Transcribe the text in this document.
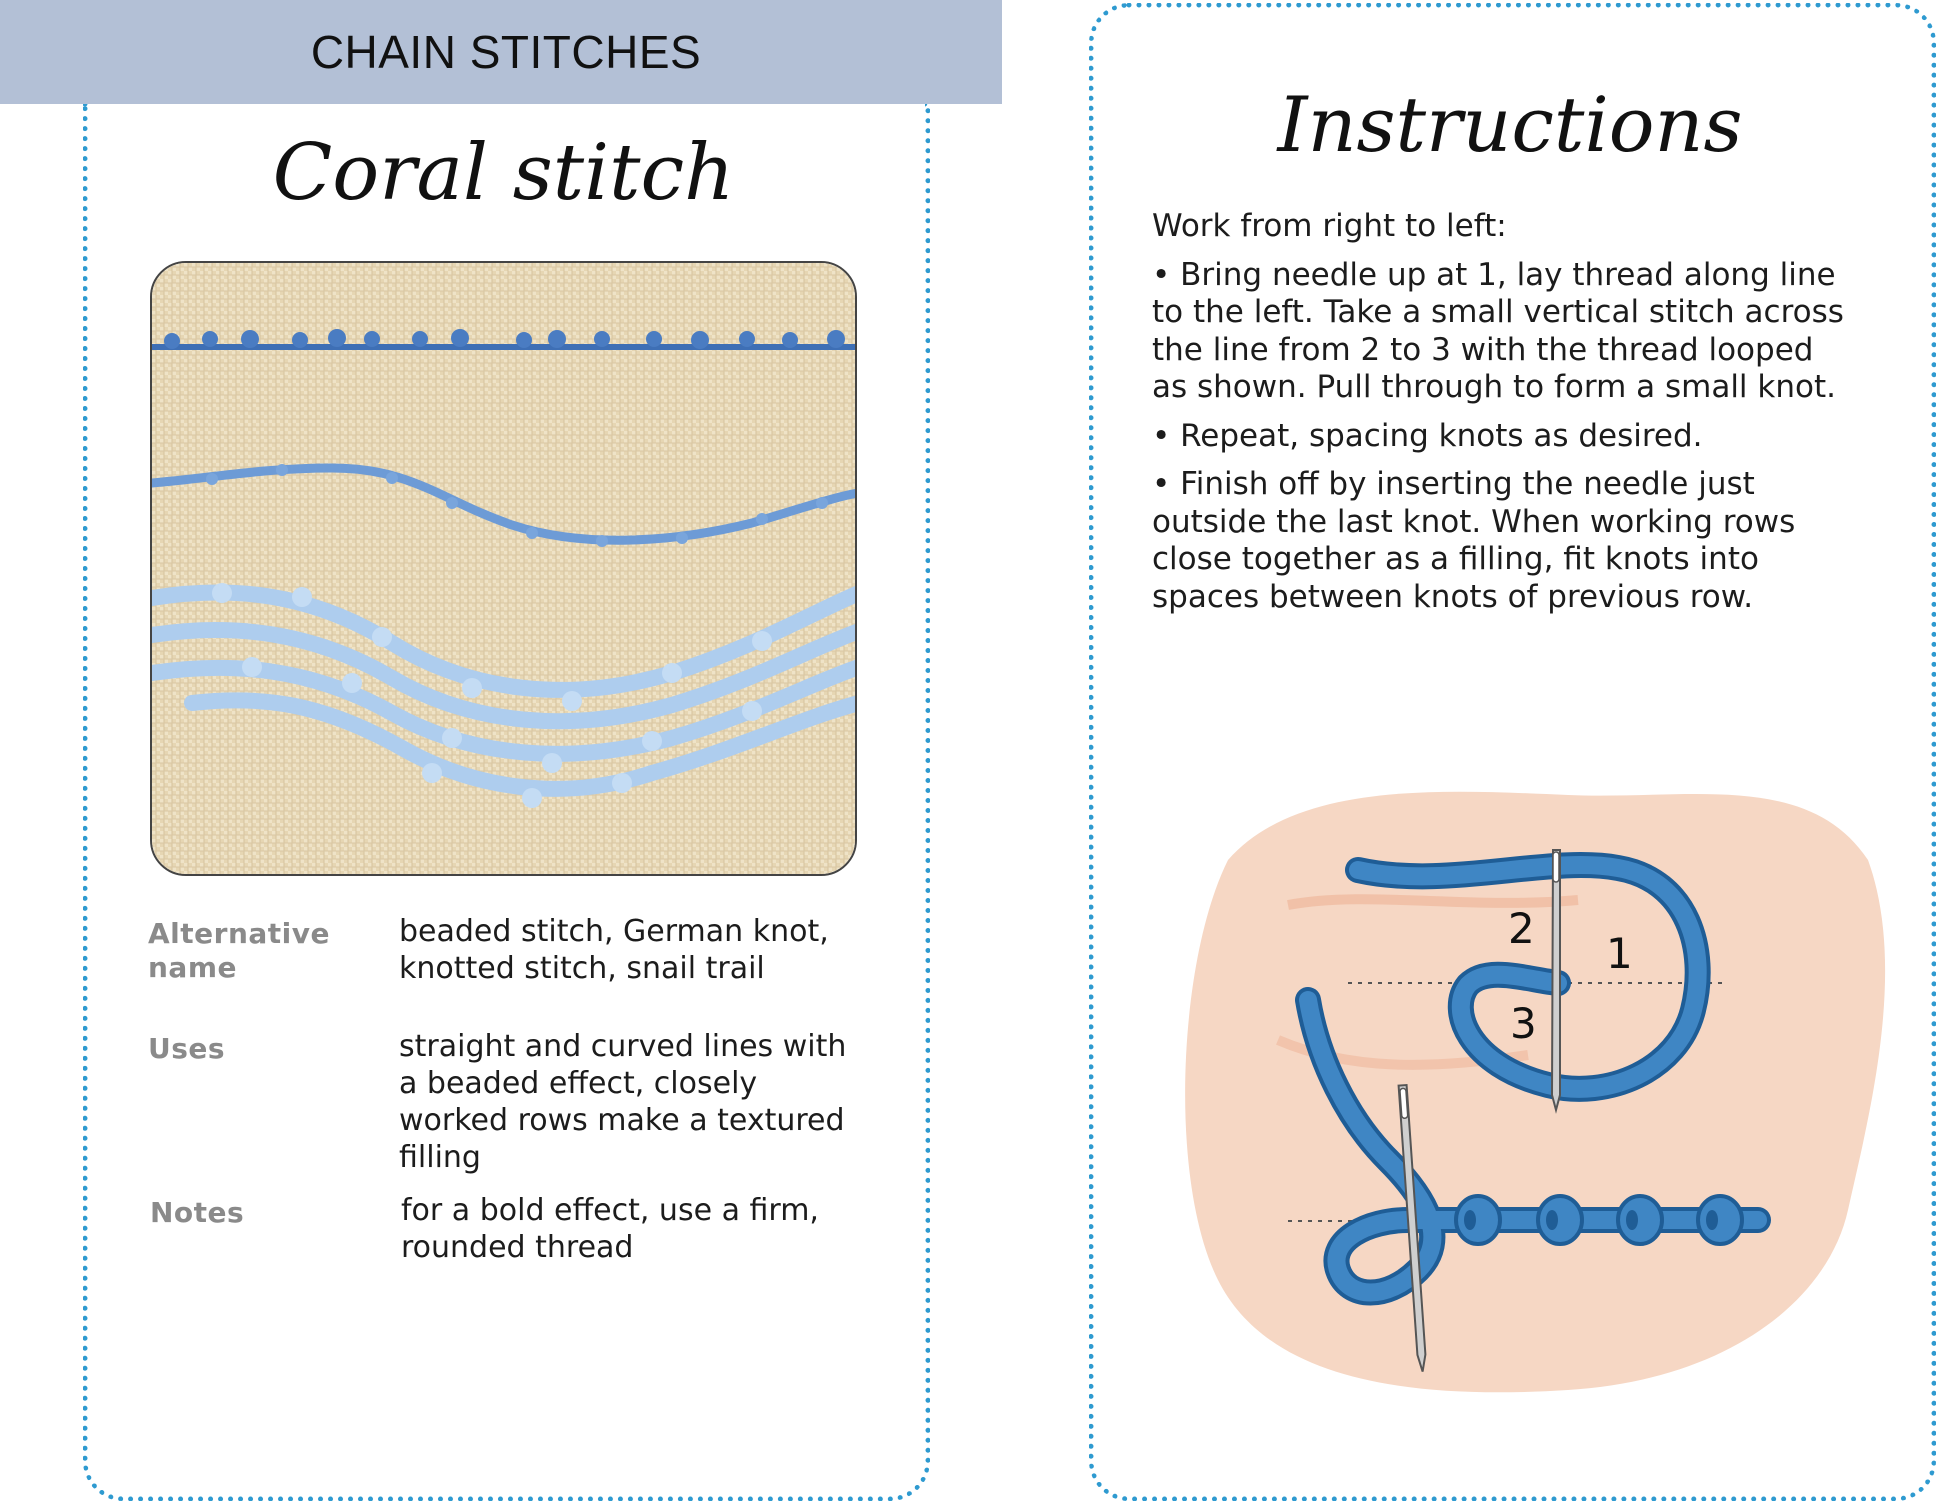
CHAIN STITCHES
Coral stitch
Alternative name
beaded stitch, German knot, knotted stitch, snail trail
Uses	straight and curved lines with a beaded effect, closely worked rows make a textured filling
Notes	for a bold effect, use a firm, rounded thread
Instructions

Work from right to left:

• Bring needle up at 1, lay thread along line to the left. Take a small vertical stitch across the line from 2 to 3 with the thread looped as shown. Pull through to form a small knot.

• Repeat, spacing knots as desired.

• Finish off by inserting the needle just outside the last knot. When working rows close together as a filling, fit knots into spaces between knots of previous row.

2
1
3
